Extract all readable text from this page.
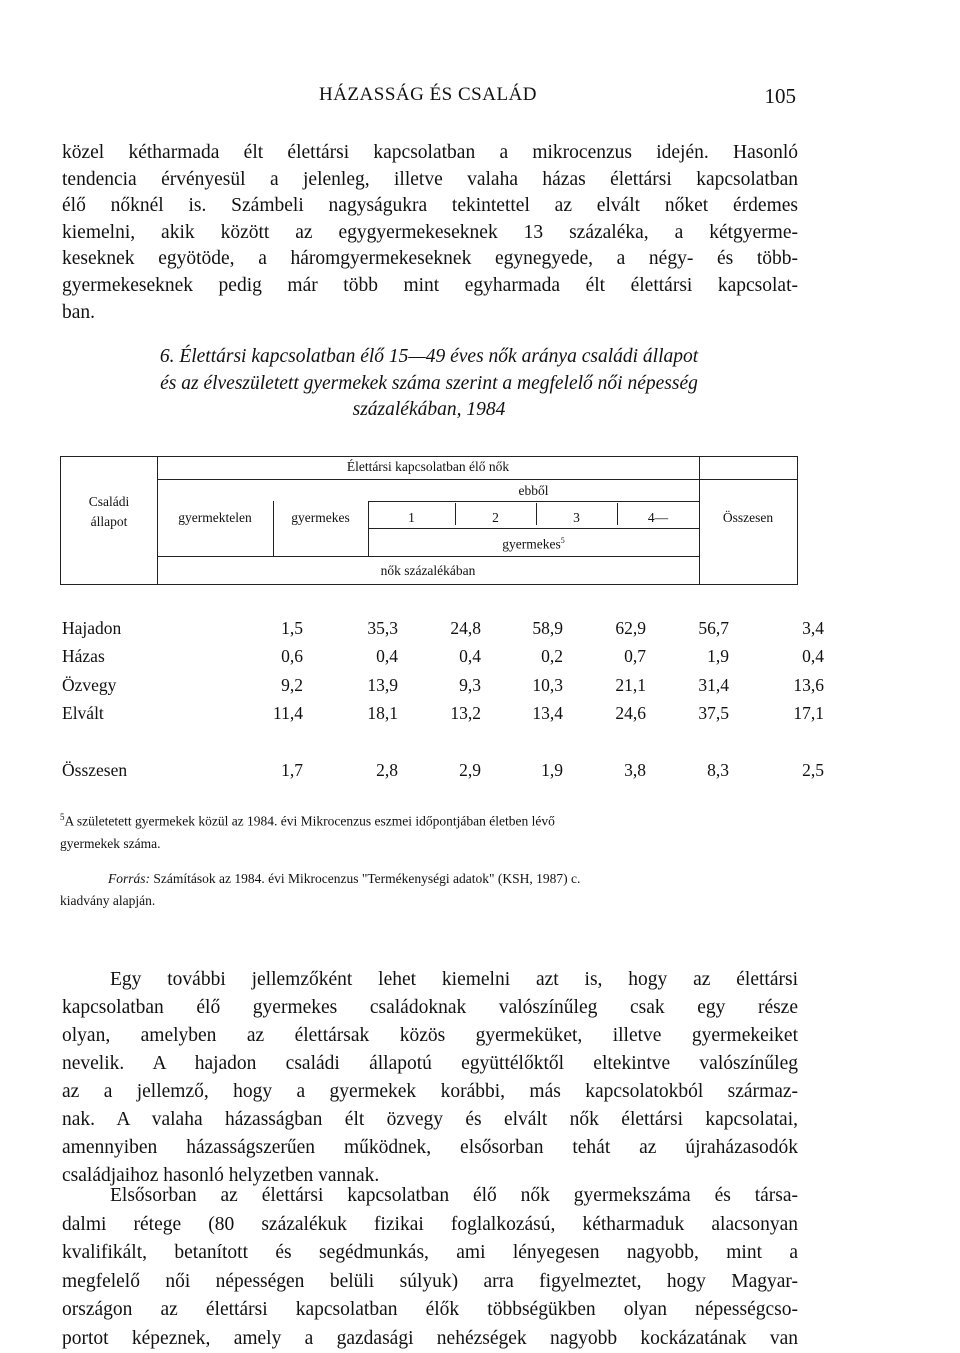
HÁZASSÁG ÉS CSALÁD	105
közel kétharmada élt élettársi kapcsolatban a mikrocenzus idején. Hasonló
tendencia érvényesül a jelenleg, illetve valaha házas élettársi kapcsolatban
élő nőknél is. Számbeli nagyságukra tekintettel az elvált nőket érdemes
kiemelni, akik között az egygyermekeseknek 13 százaléka, a kétgyerme-
keseknek egyötöde, a háromgyermekeseknek egynegyede, a négy- és több-
gyermekeseknek pedig már több mint egyharmada élt élettársi kapcsolat-
ban.
6. Élettársi kapcsolatban élő 15—49 éves nők aránya családi állapot
és az élveszületett gyermekek száma szerint a megfelelő női népesség
százalékában, 1984
Családi
állapot
Élettársi kapcsolatban élő nők
gyermektelen	gyermekes
ebből
1	2	3	4—
gyermekes$^5$
Összesen
nők százalékában
Hajadon	1,5	35,3	24,8	58,9	62,9	56,7	3,4
Házas	0,6	0,4	0,4	0,2	0,7	1,9	0,4
Özvegy	9,2	13,9	9,3	10,3	21,1	31,4	13,6
Elvált	11,4	18,1	13,2	13,4	24,6	37,5	17,1
Összesen	1,7	2,8	2,9	1,9	3,8	8,3	2,5
$^5$A születetett gyermekek közül az 1984. évi Mikrocenzus eszmei időpontjában életben lévő
gyermekek száma.
Forrás: Számítások az 1984. évi Mikrocenzus "Termékenységi adatok" (KSH, 1987) c.
kiadvány alapján.
Egy további jellemzőként lehet kiemelni azt is, hogy az élettársi
kapcsolatban élő gyermekes családoknak valószínűleg csak egy része
olyan, amelyben az élettársak közös gyermeküket, illetve gyermekeiket
nevelik. A hajadon családi állapotú együttélőktől eltekintve valószínűleg
az a jellemző, hogy a gyermekek korábbi, más kapcsolatokból származ-
nak. A valaha házasságban élt özvegy és elvált nők élettársi kapcsolatai,
amennyiben házasságszerűen működnek, elsősorban tehát az újraházasodók
családjaihoz hasonló helyzetben vannak.
Elsősorban az élettársi kapcsolatban élő nők gyermekszáma és társa-
dalmi rétege (80 százalékuk fizikai foglalkozású, kétharmaduk alacsonyan
kvalifikált, betanított és segédmunkás, ami lényegesen nagyobb, mint a
megfelelő női népességen belüli súlyuk) arra figyelmeztet, hogy Magyar-
országon az élettársi kapcsolatban élők többségükben olyan népességcso-
portot képeznek, amely a gazdasági nehézségek nagyobb kockázatának van
